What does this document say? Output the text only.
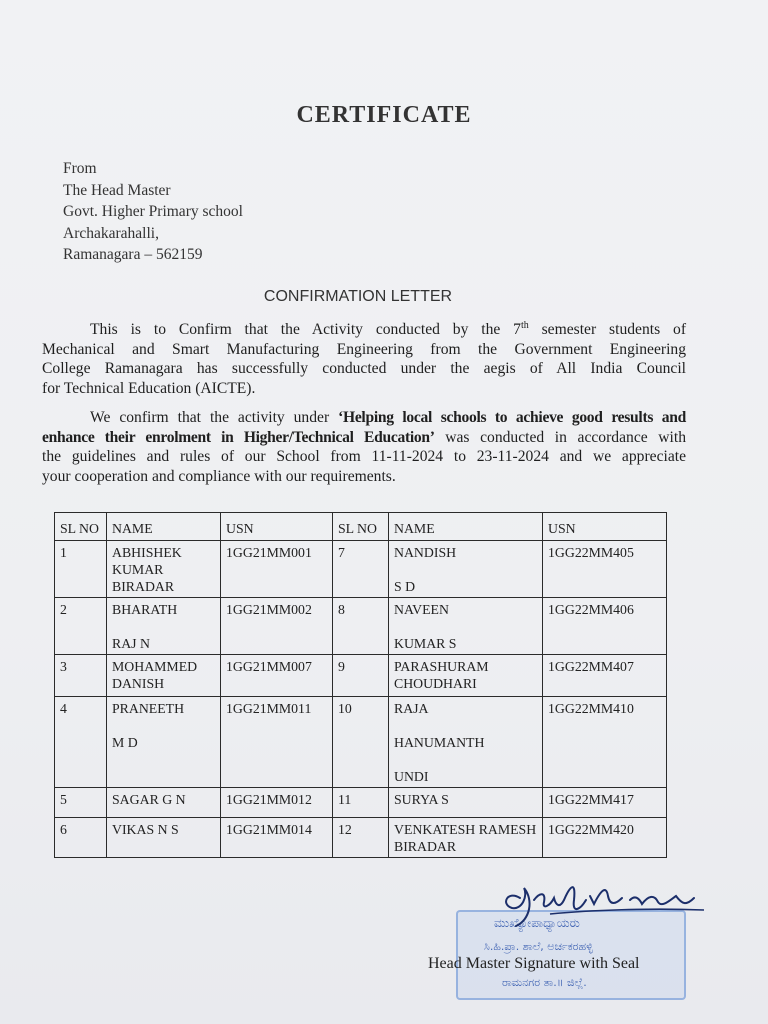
CERTIFICATE
From
The Head Master
Govt. Higher Primary school
Archakarahalli,
Ramanagara – 562159
CONFIRMATION LETTER
This is to Confirm that the Activity conducted by the 7th semester students of
Mechanical and Smart Manufacturing Engineering from the Government Engineering
College Ramanagara has successfully conducted under the aegis of All India Council
for Technical Education (AICTE).
We confirm that the activity under ‘Helping local schools to achieve good results and
enhance their enrolment in Higher/Technical Education’ was conducted in accordance with
the guidelines and rules of our School from 11-11-2024 to 23-11-2024 and we appreciate
your cooperation and compliance with our requirements.
SL NO	NAME	USN	SL NO	NAME	USN
1	ABHISHEK
KUMAR
BIRADAR	1GG21MM001	7	NANDISH

S D	1GG22MM405
2	BHARATH

RAJ N	1GG21MM002	8	NAVEEN

KUMAR S	1GG22MM406
3	MOHAMMED
DANISH	1GG21MM007	9	PARASHURAM
CHOUDHARI	1GG22MM407
4	PRANEETH

M D	1GG21MM011	10	RAJA

HANUMANTH

UNDI	1GG22MM410
5	SAGAR G N	1GG21MM012	11	SURYA S	1GG22MM417
6	VIKAS N S	1GG21MM014	12	VENKATESH RAMESH
BIRADAR	1GG22MM420
ಮುಖ್ಯೋಪಾಧ್ಯಾಯರು
ಸಿ.ಹಿ.ಪ್ರಾ. ಶಾಲೆ, ಅರ್ಚಕರಹಳ್ಳಿ
ರಾಮನಗರ ತಾ.॥ ಜಿಲ್ಲೆ.
Head Master Signature with Seal
